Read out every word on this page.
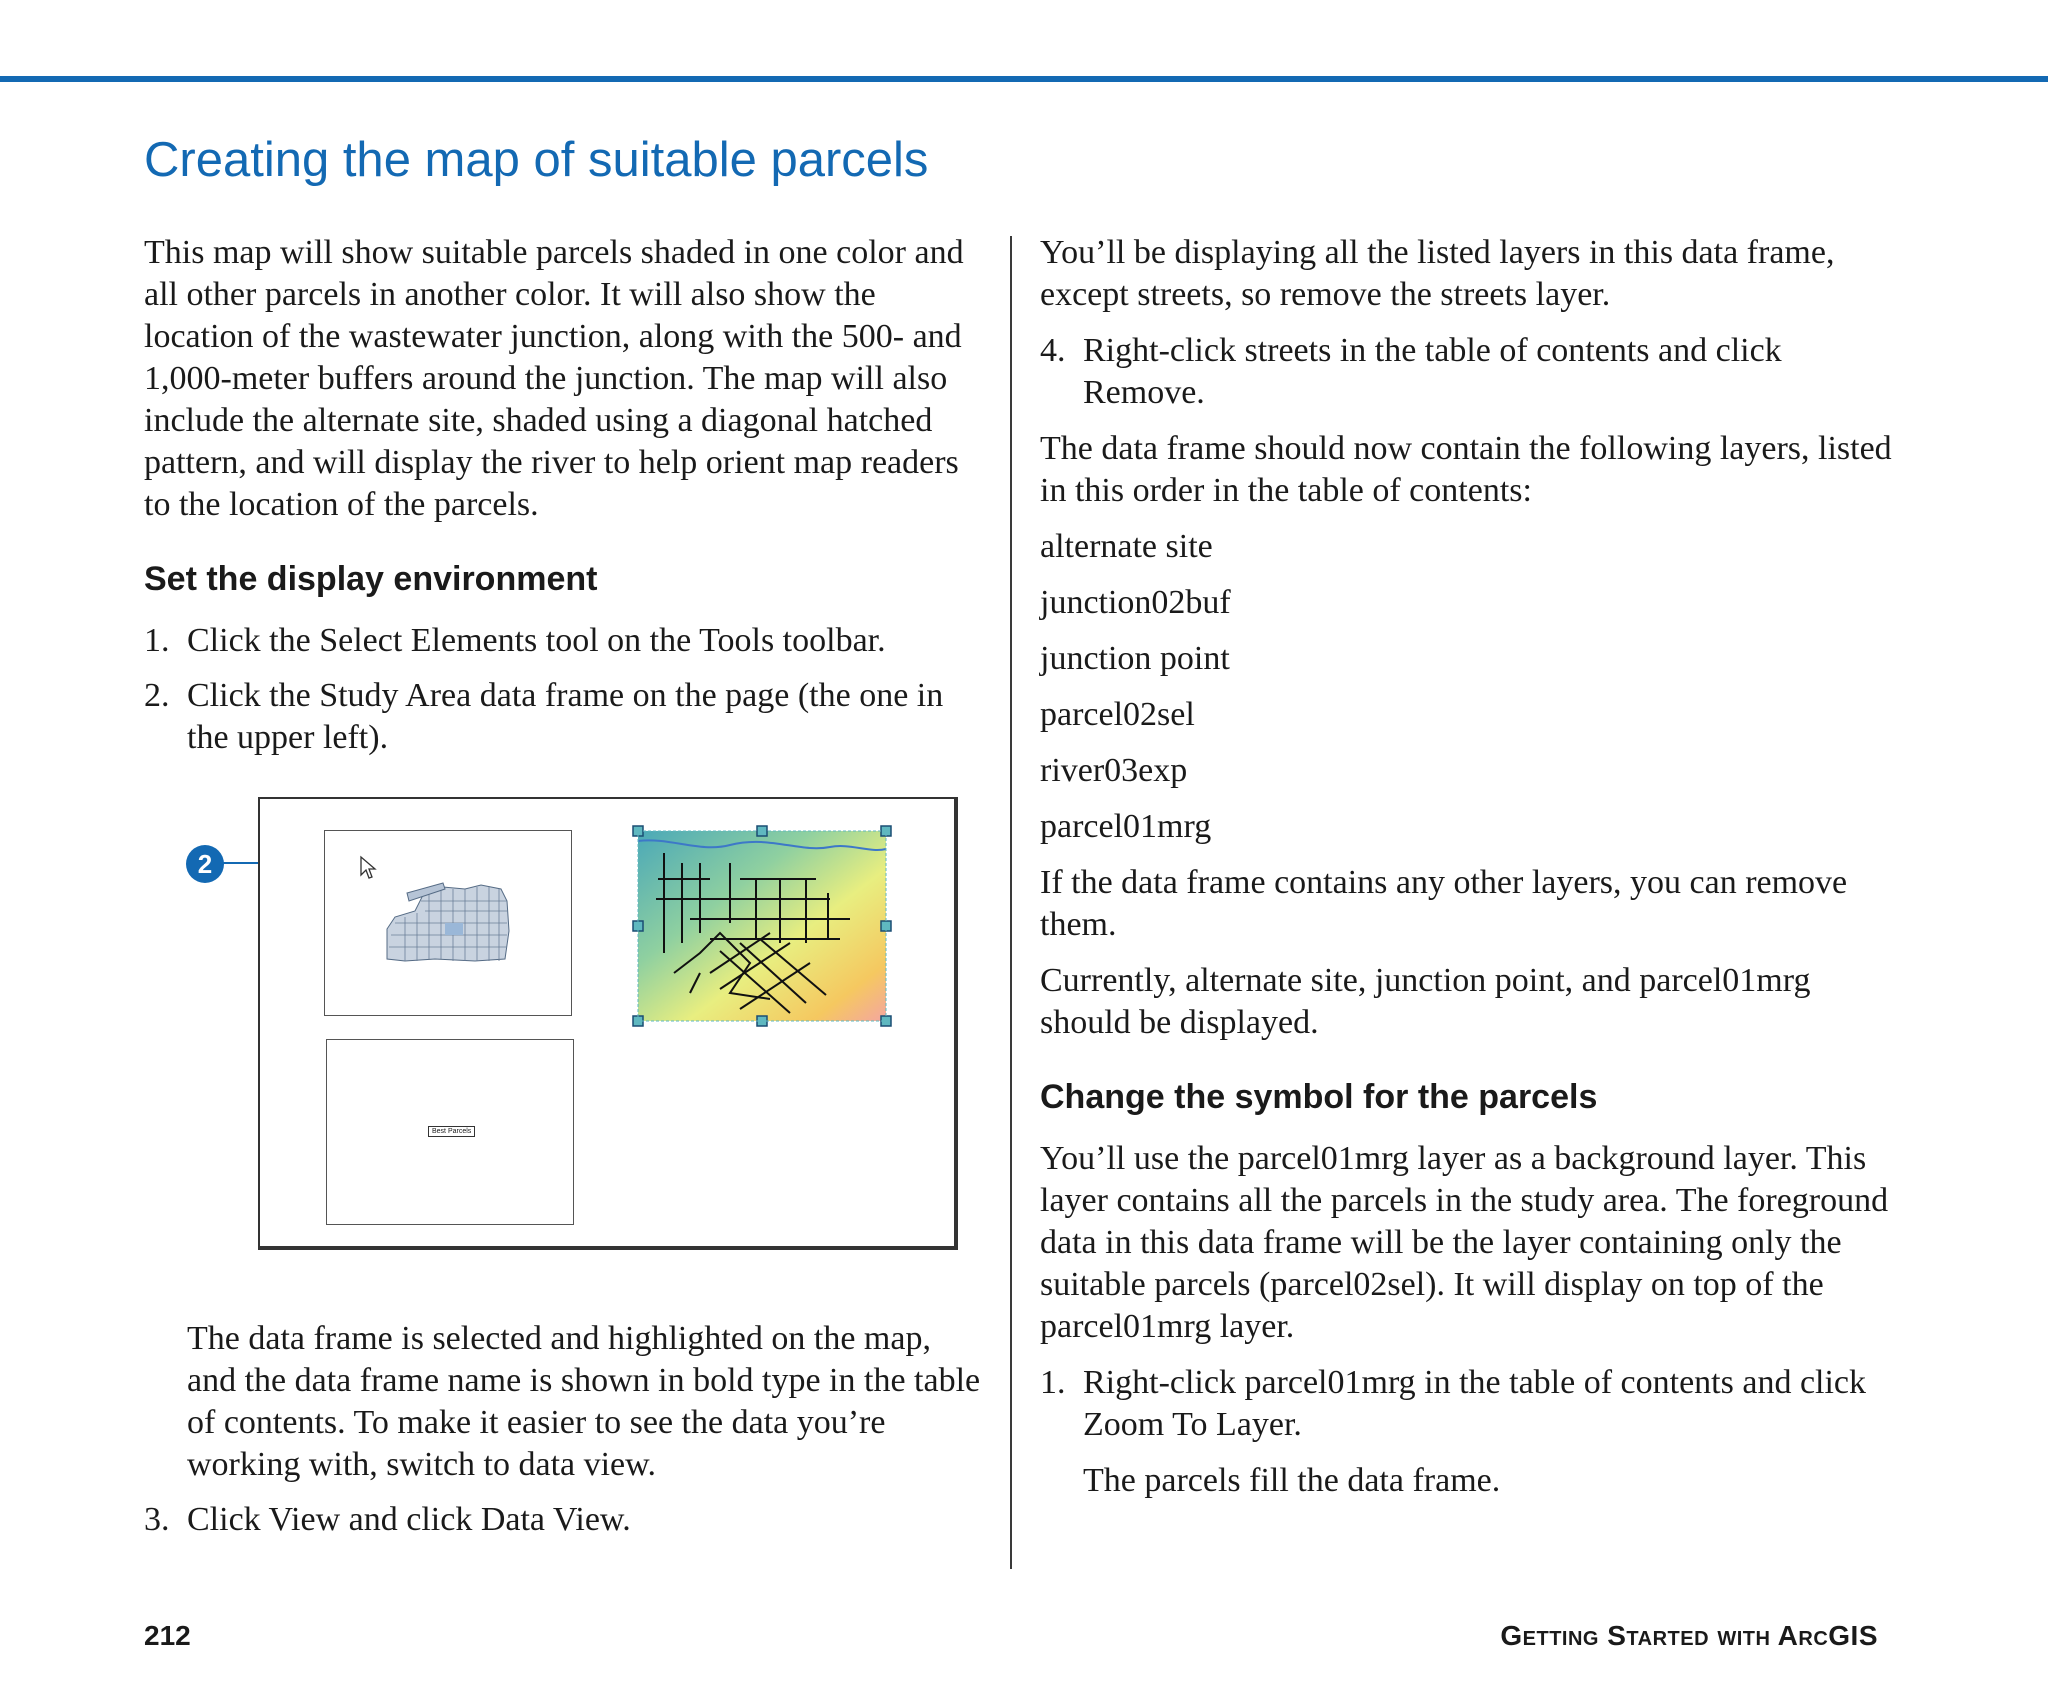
Creating the map of suitable parcels

This map will show suitable parcels shaded in one color and all other parcels in another color. It will also show the location of the wastewater junction, along with the 500- and 1,000-meter buffers around the junction. The map will also include the alternate site, shaded using a diagonal hatched pattern, and will display the river to help orient map readers to the location of the parcels.

Set the display environment
1. Click the Select Elements tool on the Tools toolbar.
2. Click the Study Area data frame on the page (the one in the upper left).

The data frame is selected and highlighted on the map, and the data frame name is shown in bold type in the table of contents. To make it easier to see the data you’re working with, switch to data view.

3. Click View and click Data View.
2
Best Parcels

You’ll be displaying all the listed layers in this data frame, except streets, so remove the streets layer.

4. Right-click streets in the table of contents and click Remove.

The data frame should now contain the following layers, listed in this order in the table of contents:

alternate site

junction02buf

junction point

parcel02sel

river03exp

parcel01mrg

If the data frame contains any other layers, you can remove them.

Currently, alternate site, junction point, and parcel01mrg should be displayed.

Change the symbol for the parcels

You’ll use the parcel01mrg layer as a background layer. This layer contains all the parcels in the study area. The foreground data in this data frame will be the layer containing only the suitable parcels (parcel02sel). It will display on top of the parcel01mrg layer.

1. Right-click parcel01mrg in the table of contents and click Zoom To Layer.

The parcels fill the data frame.

212	Getting Started with ArcGIS
